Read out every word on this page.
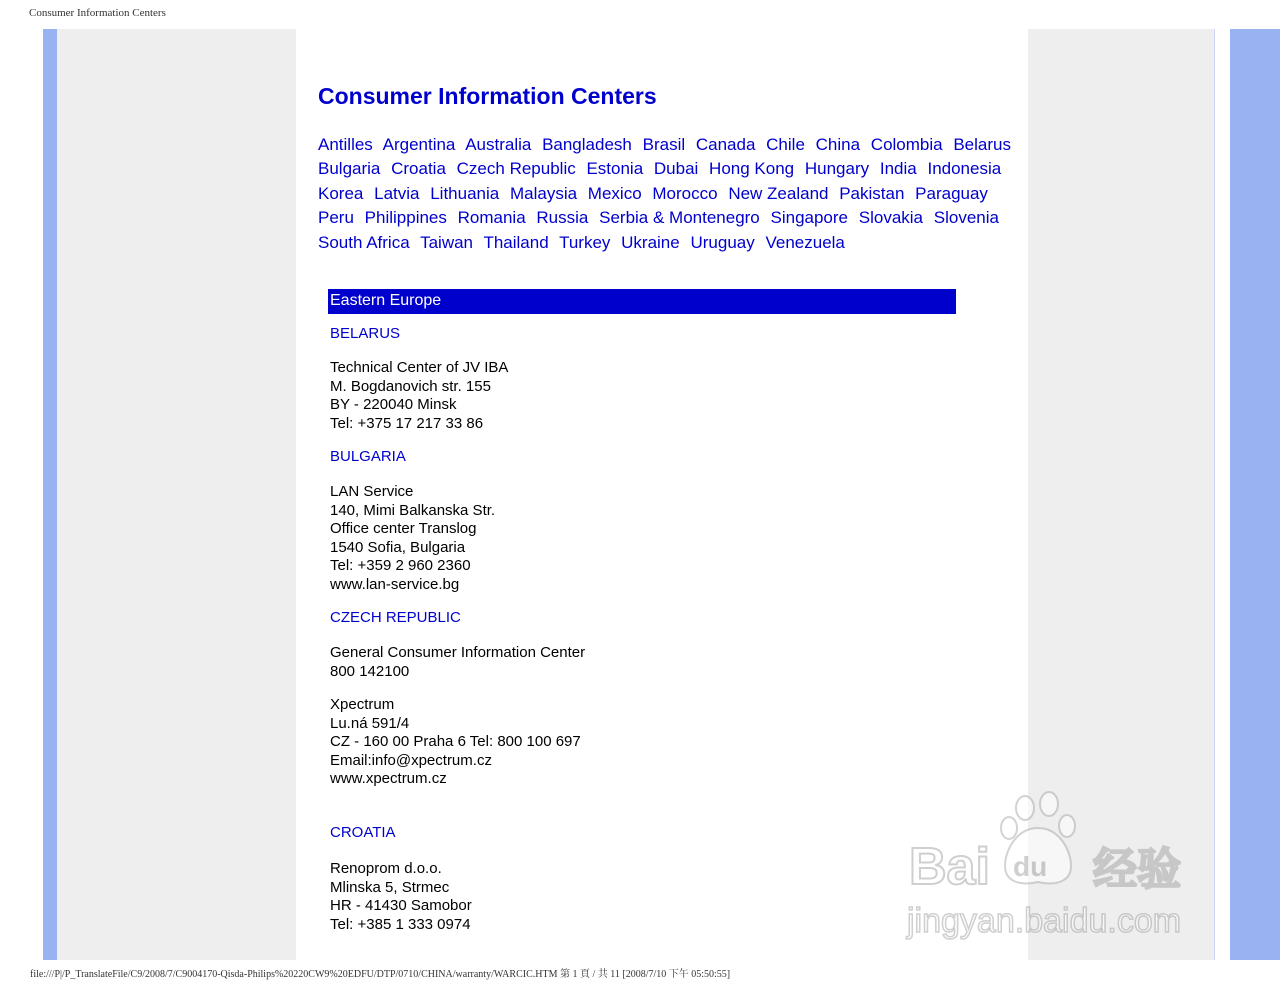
Consumer Information Centers
Consumer Information Centers
Antilles Argentina Australia Bangladesh Brasil Canada Chile China Colombia Belarus
Bulgaria Croatia Czech Republic Estonia Dubai Hong Kong Hungary India Indonesia
Korea Latvia Lithuania Malaysia Mexico Morocco New Zealand Pakistan Paraguay
Peru Philippines Romania Russia Serbia & Montenegro Singapore Slovakia Slovenia
South Africa Taiwan Thailand Turkey Ukraine Uruguay Venezuela
Eastern Europe
BELARUS
Technical Center of JV IBA
M. Bogdanovich str. 155
BY - 220040 Minsk
Tel: +375 17 217 33 86
BULGARIA
LAN Service
140, Mimi Balkanska Str.
Office center Translog
1540 Sofia, Bulgaria
Tel: +359 2 960 2360
www.lan-service.bg
CZECH REPUBLIC
General Consumer Information Center
800 142100
Xpectrum
Lu.ná 591/4
CZ - 160 00 Praha 6 Tel: 800 100 697
Email:info@xpectrum.cz
www.xpectrum.cz
CROATIA
Renoprom d.o.o.
Mlinska 5, Strmec
HR - 41430 Samobor
Tel: +385 1 333 0974
Bai du 经验
jingyan.baidu.com
file:///P|/P_TranslateFile/C9/2008/7/C9004170-Qisda-Philips%20220CW9%20EDFU/DTP/0710/CHINA/warranty/WARCIC.HTM 第 1 頁 / 共 11 [2008/7/10 下午 05:50:55]
